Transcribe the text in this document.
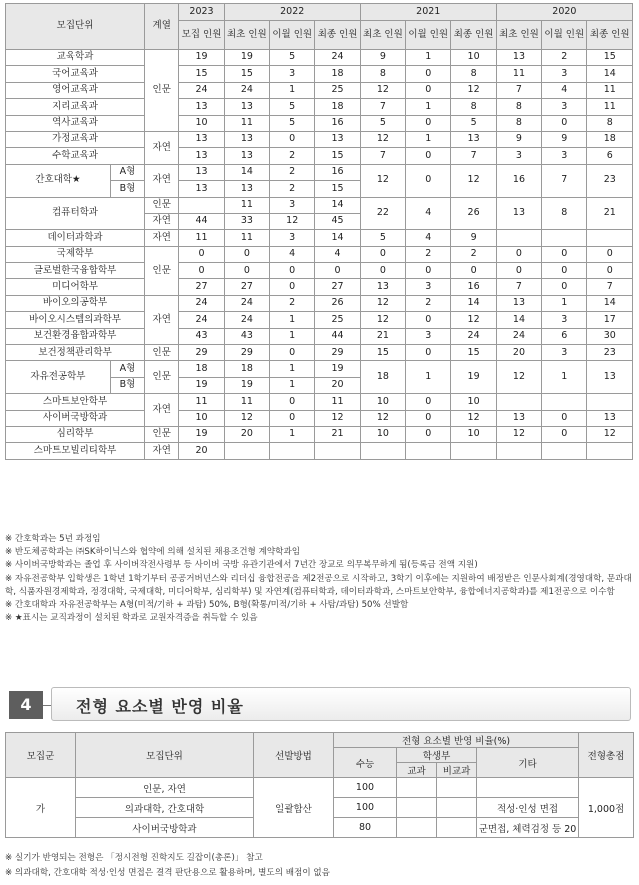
모집단위		계열	2023	2022			2021			2020		
			모집 인원	최초 인원	이월 인원	최종 인원	최초 인원	이월 인원	최종 인원	최초 인원	이월 인원	최종 인원
교육학과		인문	19	19	5	24	9	1	10	13	2	15
국어교육과			15	15	3	18	8	0	8	11	3	14
영어교육과			24	24	1	25	12	0	12	7	4	11
지리교육과			13	13	5	18	7	1	8	8	3	11
역사교육과			10	11	5	16	5	0	5	8	0	8
가정교육과		자연	13	13	0	13	12	1	13	9	9	18
수학교육과			13	13	2	15	7	0	7	3	3	6
간호대학★	A형	자연	13	14	2	16	12	0	12	16	7	23
	B형		13	13	2	15						
컴퓨터학과		인문		11	3	14	22	4	26	13	8	21
		자연	44	33	12	45						
데이터과학과		자연	11	11	3	14	5	4	9			
국제학부		인문	0	0	4	4	0	2	2	0	0	0
글로벌한국융합학부			0	0	0	0	0	0	0	0	0	0
미디어학부			27	27	0	27	13	3	16	7	0	7
바이오의공학부		자연	24	24	2	26	12	2	14	13	1	14
바이오시스템의과학부			24	24	1	25	12	0	12	14	3	17
보건환경융합과학부			43	43	1	44	21	3	24	24	6	30
보건정책관리학부		인문	29	29	0	29	15	0	15	20	3	23
자유전공학부	A형	인문	18	18	1	19	18	1	19	12	1	13
	B형		19	19	1	20						
스마트보안학부		자연	11	11	0	11	10	0	10			
사이버국방학과			10	12	0	12	12	0	12	13	0	13
심리학부		인문	19	20	1	21	10	0	10	12	0	12
스마트모빌리티학부		자연	20									

※ 간호학과는 5년 과정임

※ 반도체공학과는 ㈜SK하이닉스와 협약에 의해 설치된 채용조건형 계약학과임

※ 사이버국방학과는 졸업 후 사이버작전사령부 등 사이버 국방 유관기관에서 7년간 장교로 의무복무하게 됨(등록금 전액 지원)

※ 자유전공학부 입학생은 1학년 1학기부터 공공거버넌스와 리더십 융합전공을 제2전공으로 시작하고, 3학기 이후에는 지원하여 배정받은 인문사회계(경영대학, 문과대학, 식품자원경제학과, 정경대학, 국제대학, 미디어학부, 심리학부) 및 자연계(컴퓨터학과, 데이터과학과, 스마트보안학부, 융합에너지공학과)를 제1전공으로 이수함

※ 간호대학과 자유전공학부는 A형(미적/기하 + 과탐) 50%, B형(확통/미적/기하 + 사탐/과탐) 50% 선발함

※ ★표시는 교직과정이 설치된 학과로 교원자격증을 취득할 수 있음

4	전형 요소별 반영 비율
모집군	모집단위	선발방법	전형 요소별 반영 비율(%)				전형총점
			수능	학생부		기타	
				교과	비교과		
가	인문, 자연	일괄합산	100				1,000점
	의과대학, 간호대학		100			적성·인성 면접	
	사이버국방학과		80			군면접, 체력검정 등 20	

※ 실기가 반영되는 전형은 「정시전형 진학지도 길잡이(총론)」 참고

※ 의과대학, 간호대학 적성·인성 면접은 결격 판단용으로 활용하며, 별도의 배점이 없음
